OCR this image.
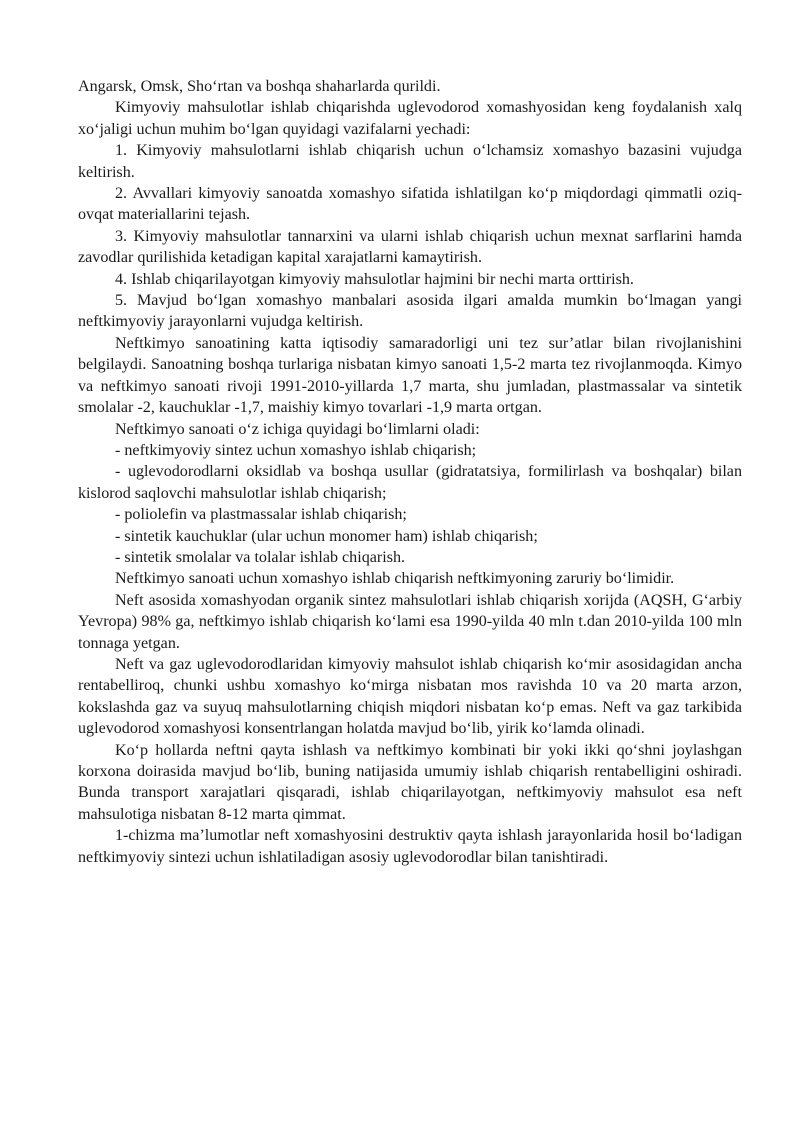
Angarsk, Omsk, Sho‘rtan va boshqa shaharlarda qurildi.

Kimyoviy mahsulotlar ishlab chiqarishda uglevodorod xomashyosidan keng foydalanish xalq xo‘jaligi uchun muhim bo‘lgan quyidagi vazifalarni yechadi:

1. Kimyoviy mahsulotlarni ishlab chiqarish uchun o‘lchamsiz xomashyo bazasini vujudga keltirish.

2. Avvallari kimyoviy sanoatda xomashyo sifatida ishlatilgan ko‘p miqdordagi qimmatli oziq-ovqat materiallarini tejash.

3. Kimyoviy mahsulotlar tannarxini va ularni ishlab chiqarish uchun mexnat sarflarini hamda zavodlar qurilishida ketadigan kapital xarajatlarni kamaytirish.

4. Ishlab chiqarilayotgan kimyoviy mahsulotlar hajmini bir nechi marta orttirish.

5. Mavjud bo‘lgan xomashyo manbalari asosida ilgari amalda mumkin bo‘lmagan yangi neftkimyoviy jarayonlarni vujudga keltirish.

Neftkimyo sanoatining katta iqtisodiy samaradorligi uni tez sur’atlar bilan rivojlanishini belgilaydi. Sanoatning boshqa turlariga nisbatan kimyo sanoati 1,5-2 marta tez rivojlanmoqda. Kimyo va neftkimyo sanoati rivoji 1991-2010-yillarda 1,7 marta, shu jumladan, plastmassalar va sintetik smolalar -2, kauchuklar -1,7, maishiy kimyo tovarlari -1,9 marta ortgan.

Neftkimyo sanoati o‘z ichiga quyidagi bo‘limlarni oladi:

- neftkimyoviy sintez uchun xomashyo ishlab chiqarish;

- uglevodorodlarni oksidlab va boshqa usullar (gidratatsiya, formilirlash va boshqalar) bilan kislorod saqlovchi mahsulotlar ishlab chiqarish;

- poliolefin va plastmassalar ishlab chiqarish;

- sintetik kauchuklar (ular uchun monomer ham) ishlab chiqarish;

- sintetik smolalar va tolalar ishlab chiqarish.

Neftkimyo sanoati uchun xomashyo ishlab chiqarish neftkimyoning zaruriy bo‘limidir.

Neft asosida xomashyodan organik sintez mahsulotlari ishlab chiqarish xorijda (AQSH, G‘arbiy Yevropa) 98% ga, neftkimyo ishlab chiqarish ko‘lami esa 1990-yilda 40 mln t.dan 2010-yilda 100 mln tonnaga yetgan.

Neft va gaz uglevodorodlaridan kimyoviy mahsulot ishlab chiqarish ko‘mir asosidagidan ancha rentabelliroq, chunki ushbu xomashyo ko‘mirga nisbatan mos ravishda 10 va 20 marta arzon, kokslashda gaz va suyuq mahsulotlarning chiqish miqdori nisbatan ko‘p emas. Neft va gaz tarkibida uglevodorod xomashyosi konsentrlangan holatda mavjud bo‘lib, yirik ko‘lamda olinadi.

Ko‘p hollarda neftni qayta ishlash va neftkimyo kombinati bir yoki ikki qo‘shni joylashgan korxona doirasida mavjud bo‘lib, buning natijasida umumiy ishlab chiqarish rentabelligini oshiradi. Bunda transport xarajatlari qisqaradi, ishlab chiqarilayotgan, neftkimyoviy mahsulot esa neft mahsulotiga nisbatan 8-12 marta qimmat.

1-chizma ma’lumotlar neft xomashyosini destruktiv qayta ishlash jarayonlarida hosil bo‘ladigan neftkimyoviy sintezi uchun ishlatiladigan asosiy uglevodorodlar bilan tanishtiradi.
